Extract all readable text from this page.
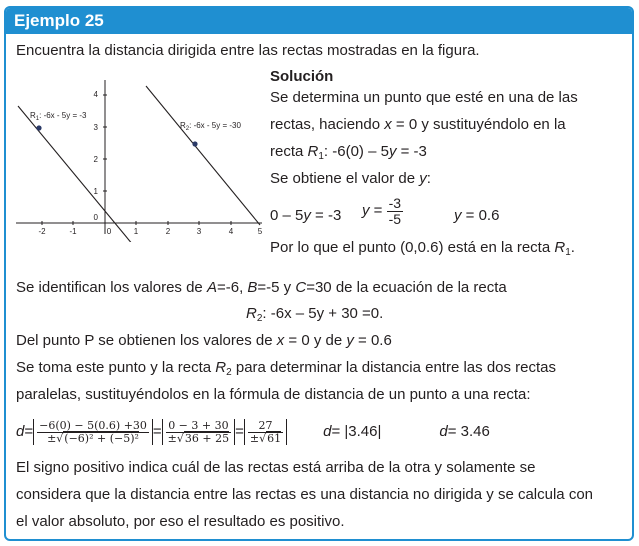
Ejemplo 25
Encuentra la distancia dirigida entre las rectas mostradas en la figura.
-2	-1	0	1	2	3	4	5
4
3
2
1
0
$R_1$: -6x - 5y = -3
$R_2$: -6x - 5y = -30
Solución
Se determina un punto que esté en una de las
rectas, haciendo x = 0 y sustituyéndolo en la
recta $R_1$: -6(0) – 5y = -3
Se obtiene el valor de y:
0 – 5y = -3 $y = \frac{-3}{-5}$	y = 0.6
Por lo que el punto (0,0.6) está en la recta $R_1$.
Se identifican los valores de A=-6, B=-5 y C=30 de la ecuación de la recta
$R_2$: -6x – 5y + 30 =0.
Del punto P se obtienen los valores de x = 0 y de y = 0.6
Se toma este punto y la recta $R_2$ para determinar la distancia entre las dos rectas
paralelas, sustituyéndolos en la fórmula de distancia de un punto a una recta:
$d = \frac{-6(0) - 5(0.6) +30}{\text{±√(−6)² + (−5)²}} = \frac{0 - 3 + 30}{\pm√36 + 25} = \frac{27}{\pm√61}$	d = |3.46|	d = 3.46
El signo positivo indica cuál de las rectas está arriba de la otra y solamente se
considera que la distancia entre las rectas es una distancia no dirigida y se calcula con
el valor absoluto, por eso el resultado es positivo.
